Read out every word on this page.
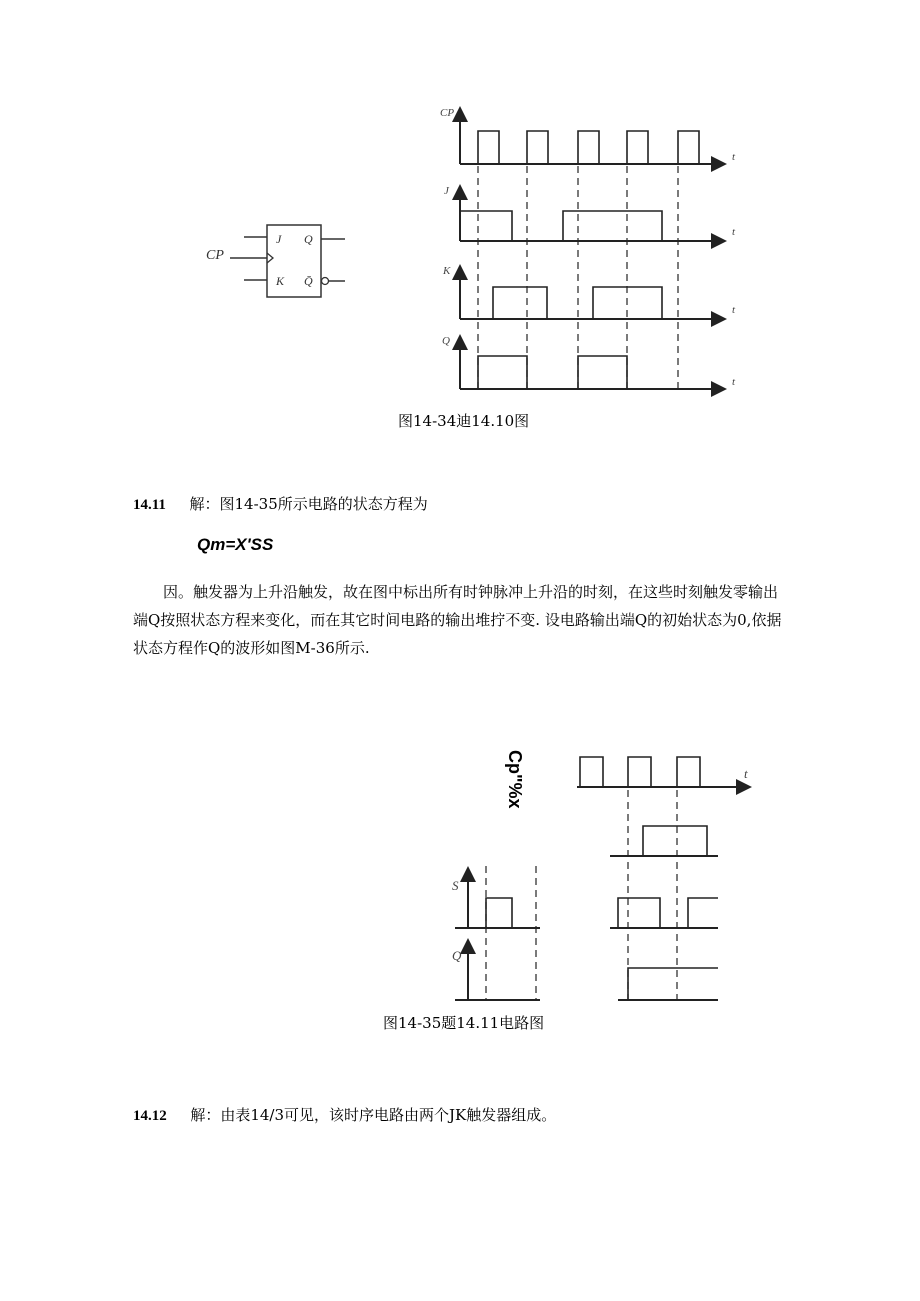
CP
J
K
Q
Q̄
CP
J
K
Q
t
t
t
t
图14-34迪14.10图
14.11 解：图14-35所示电路的状态方程为
Qm=X'SS
因。触发器为上升沿触发，故在图中标出所有时钟脉冲上升沿的时刻，在这些时刻触发零输出端Q按照状态方程来变化，而在其它时间电路的输出堆拧不变. 设电路输出端Q的初始状态为0,依据状态方程作Q的波形如图M-36所示.
Cp"%x	t
S
Q
图14-35题14.11电路图
14.12 解：由表14/3可见，该时序电路由两个JK触发器组成。
